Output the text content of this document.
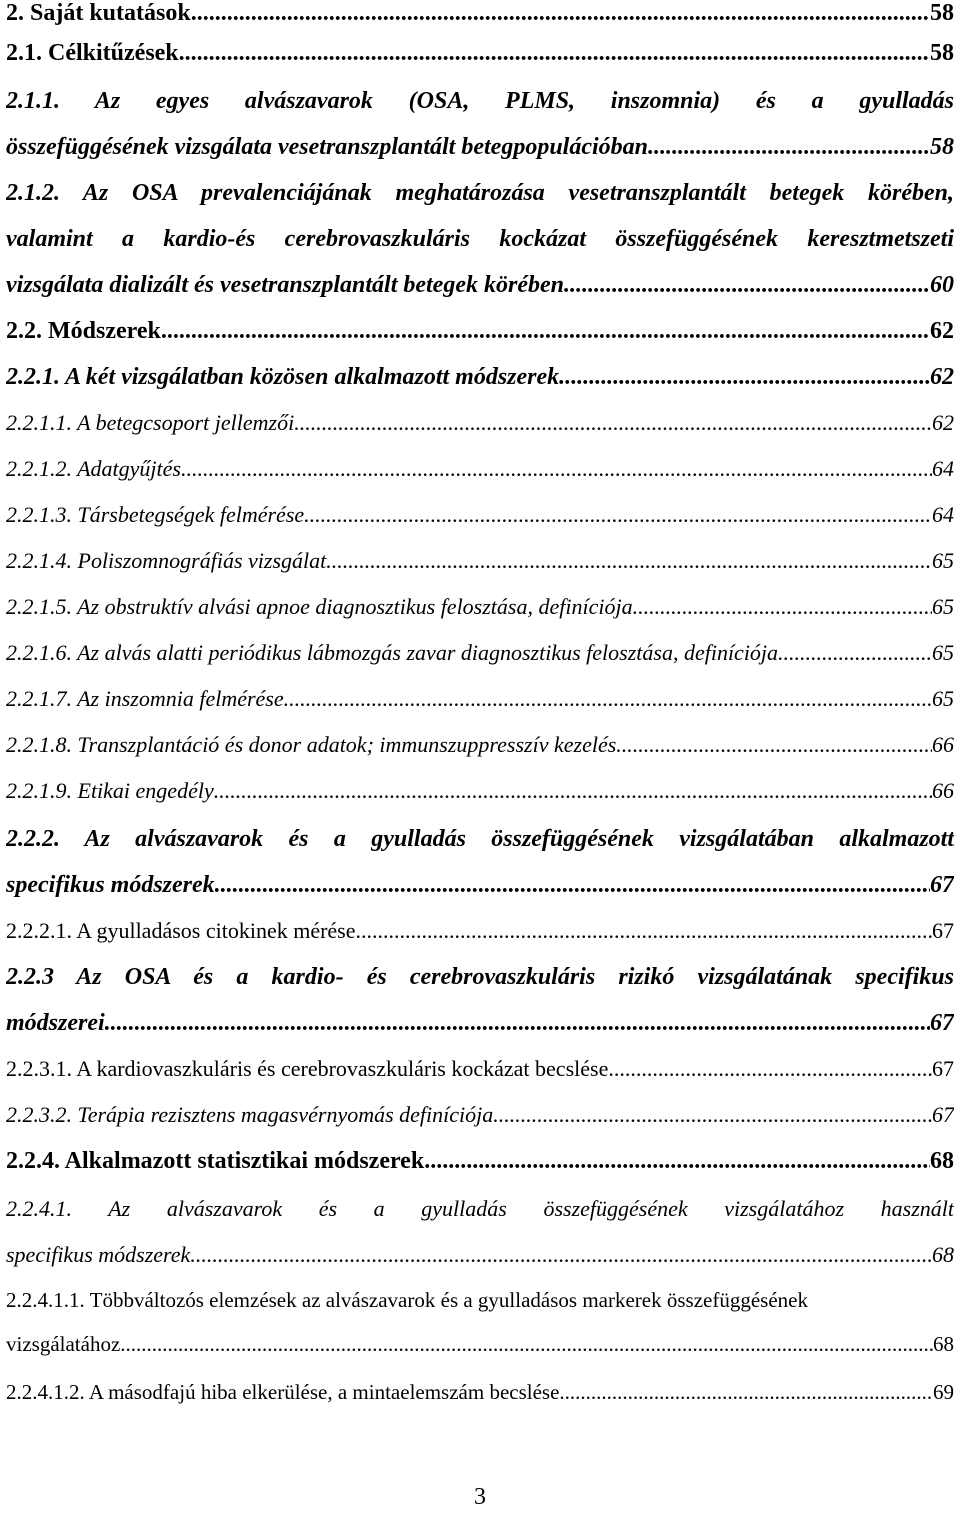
2. Saját kutatások .....	58
2.1. Célkitűzések .....	58
2.1.1. Az egyes alvászavarok (OSA, PLMS, inszomnia) és a gyulladás
összefüggésének vizsgálata vesetranszplantált betegpopulációban .....	58
2.1.2. Az OSA prevalenciájának meghatározása vesetranszplantált betegek körében,
valamint a kardio-és cerebrovaszkuláris kockázat összefüggésének keresztmetszeti
vizsgálata dializált és vesetranszplantált betegek körében .....	60
2.2. Módszerek .....	62
2.2.1. A két vizsgálatban közösen alkalmazott módszerek .....	62
2.2.1.1. A betegcsoport jellemzői .....	62
2.2.1.2. Adatgyűjtés .....	64
2.2.1.3. Társbetegségek felmérése .....	64
2.2.1.4. Poliszomnográfiás vizsgálat .....	65
2.2.1.5. Az obstruktív alvási apnoe diagnosztikus felosztása, definíciója .....	65
2.2.1.6. Az alvás alatti periódikus lábmozgás zavar diagnosztikus felosztása, definíciója .....	65
2.2.1.7. Az inszomnia felmérése .....	65
2.2.1.8. Transzplantáció és donor adatok; immunszuppresszív kezelés .....	66
2.2.1.9. Etikai engedély .....	66
2.2.2. Az alvászavarok és a gyulladás összefüggésének vizsgálatában alkalmazott
specifikus módszerek .....	67
2.2.2.1. A gyulladásos citokinek mérése .....	67
2.2.3 Az OSA és a kardio- és cerebrovaszkuláris rizikó vizsgálatának specifikus
módszerei .....	67
2.2.3.1. A kardiovaszkuláris és cerebrovaszkuláris kockázat becslése .....	67
2.2.3.2. Terápia rezisztens magasvérnyomás definíciója .....	67
2.2.4. Alkalmazott statisztikai módszerek .....	68
2.2.4.1. Az alvászavarok és a gyulladás összefüggésének vizsgálatához használt
specifikus módszerek .....	68
2.2.4.1.1. Többváltozós elemzések az alvászavarok és a gyulladásos markerek összefüggésének
vizsgálatához .....	68
2.2.4.1.2. A másodfajú hiba elkerülése, a mintaelemszám becslése .....	69
3
